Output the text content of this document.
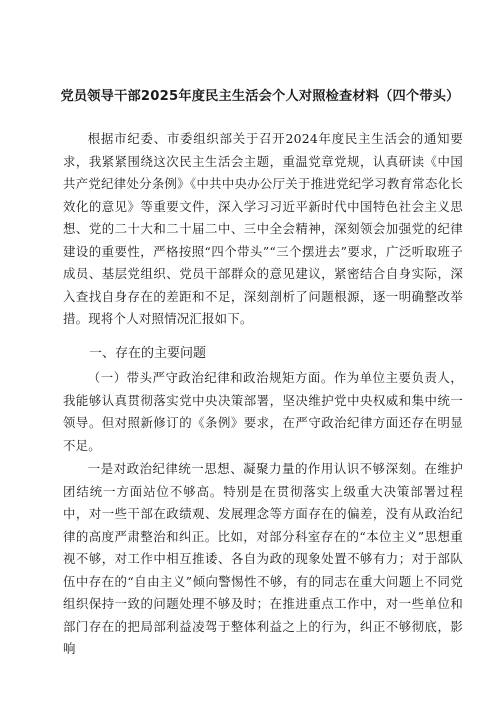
党员领导干部2025年度民主生活会个人对照检查材料（四个带头）

根据市纪委、市委组织部关于召开2024年度民主生活会的通知要求，我紧紧围绕这次民主生活会主题，重温党章党规，认真研读《中国共产党纪律处分条例》《中共中央办公厅关于推进党纪学习教育常态化长效化的意见》等重要文件，深入学习习近平新时代中国特色社会主义思想、党的二十大和二十届二中、三中全会精神，深刻领会加强党的纪律建设的重要性，严格按照“四个带头”“三个摆进去”要求，广泛听取班子成员、基层党组织、党员干部群众的意见建议，紧密结合自身实际，深入查找自身存在的差距和不足，深刻剖析了问题根源，逐一明确整改举措。现将个人对照情况汇报如下。

一、存在的主要问题

（一）带头严守政治纪律和政治规矩方面。作为单位主要负责人，我能够认真贯彻落实党中央决策部署，坚决维护党中央权威和集中统一领导。但对照新修订的《条例》要求，在严守政治纪律方面还存在明显不足。

一是对政治纪律统一思想、凝聚力量的作用认识不够深刻。在维护团结统一方面站位不够高。特别是在贯彻落实上级重大决策部署过程中，对一些干部在政绩观、发展理念等方面存在的偏差，没有从政治纪律的高度严肃整治和纠正。比如，对部分科室存在的“本位主义”思想重视不够，对工作中相互推诿、各自为政的现象处置不够有力；对于部队伍中存在的“自由主义”倾向警惕性不够，有的同志在重大问题上不同党组织保持一致的问题处理不够及时；在推进重点工作中，对一些单位和部门存在的把局部利益凌驾于整体利益之上的行为，纠正不够彻底，影响
